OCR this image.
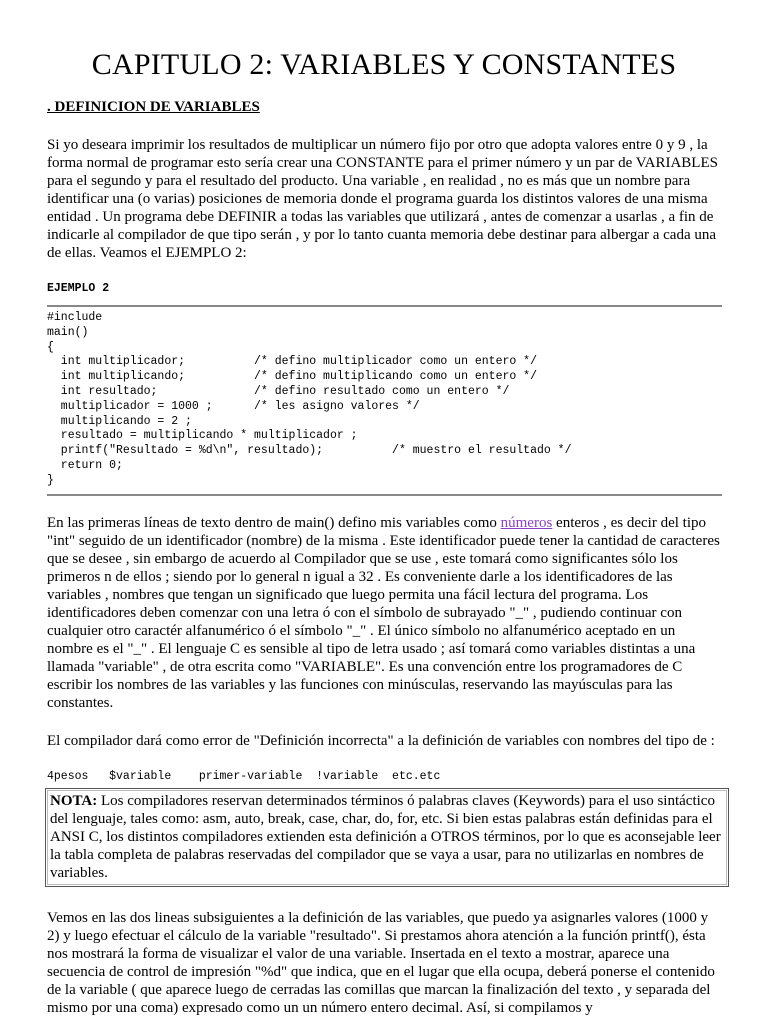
CAPITULO 2: VARIABLES Y CONSTANTES
. DEFINICION DE VARIABLES

Si yo deseara imprimir los resultados de multiplicar un número fijo por otro que adopta valores entre 0 y 9 , la forma normal de programar esto sería crear una CONSTANTE para el primer número y un par de VARIABLES para el segundo y para el resultado del producto. Una variable , en realidad , no es más que un nombre para identificar una (o varias) posiciones de memoria donde el programa guarda los distintos valores de una misma entidad . Un programa debe DEFINIR a todas las variables que utilizará , antes de comenzar a usarlas , a fin de indicarle al compilador de que tipo serán , y por lo tanto cuanta memoria debe destinar para albergar a cada una de ellas. Veamos el EJEMPLO 2:

EJEMPLO 2
#include
main()
{
int multiplicador;          /* defino multiplicador como un entero */
int multiplicando;          /* defino multiplicando como un entero */
int resultado;              /* defino resultado como un entero */
multiplicador = 1000 ;      /* les asigno valores */
multiplicando = 2 ;
resultado = multiplicando * multiplicador ;
printf("Resultado = %d\n", resultado);          /* muestro el resultado */
return 0;
}

En las primeras líneas de texto dentro de main() defino mis variables como números enteros , es decir del tipo "int" seguido de un identificador (nombre) de la misma . Este identificador puede tener la cantidad de caracteres que se desee , sin embargo de acuerdo al Compilador que se use , este tomará como significantes sólo los primeros n de ellos ; siendo por lo general n igual a 32 . Es conveniente darle a los identificadores de las variables , nombres que tengan un significado que luego permita una fácil lectura del programa. Los identificadores deben comenzar con una letra ó con el símbolo de subrayado "_" , pudiendo continuar con cualquier otro caractér alfanumérico ó el símbolo "_" . El único símbolo no alfanumérico aceptado en un nombre es el "_" . El lenguaje C es sensible al tipo de letra usado ; así tomará como variables distintas a una llamada "variable" , de otra escrita como "VARIABLE". Es una convención entre los programadores de C escribir los nombres de las variables y las funciones con minúsculas, reservando las mayúsculas para las constantes.

El compilador dará como error de "Definición incorrecta" a la definición de variables con nombres del tipo de :

4pesos   $variable    primer-variable  !variable  etc.etc
NOTA: Los compiladores reservan determinados términos ó palabras claves (Keywords) para el uso sintáctico del lenguaje, tales como: asm, auto, break, case, char, do, for, etc. Si bien estas palabras están definidas para el ANSI C, los distintos compiladores extienden esta definición a OTROS términos, por lo que es aconsejable leer la tabla completa de palabras reservadas del compilador que se vaya a usar, para no utilizarlas en nombres de variables.

Vemos en las dos lineas subsiguientes a la definición de las variables, que puedo ya asignarles valores (1000 y 2) y luego efectuar el cálculo de la variable "resultado". Si prestamos ahora atención a la función printf(), ésta nos mostrará la forma de visualizar el valor de una variable. Insertada en el texto a mostrar, aparece una secuencia de control de impresión "%d" que indica, que en el lugar que ella ocupa, deberá ponerse el contenido de la variable ( que aparece luego de cerradas las comillas que marcan la finalización del texto , y separada del mismo por una coma) expresado como un un número entero decimal. Así, si compilamos y
